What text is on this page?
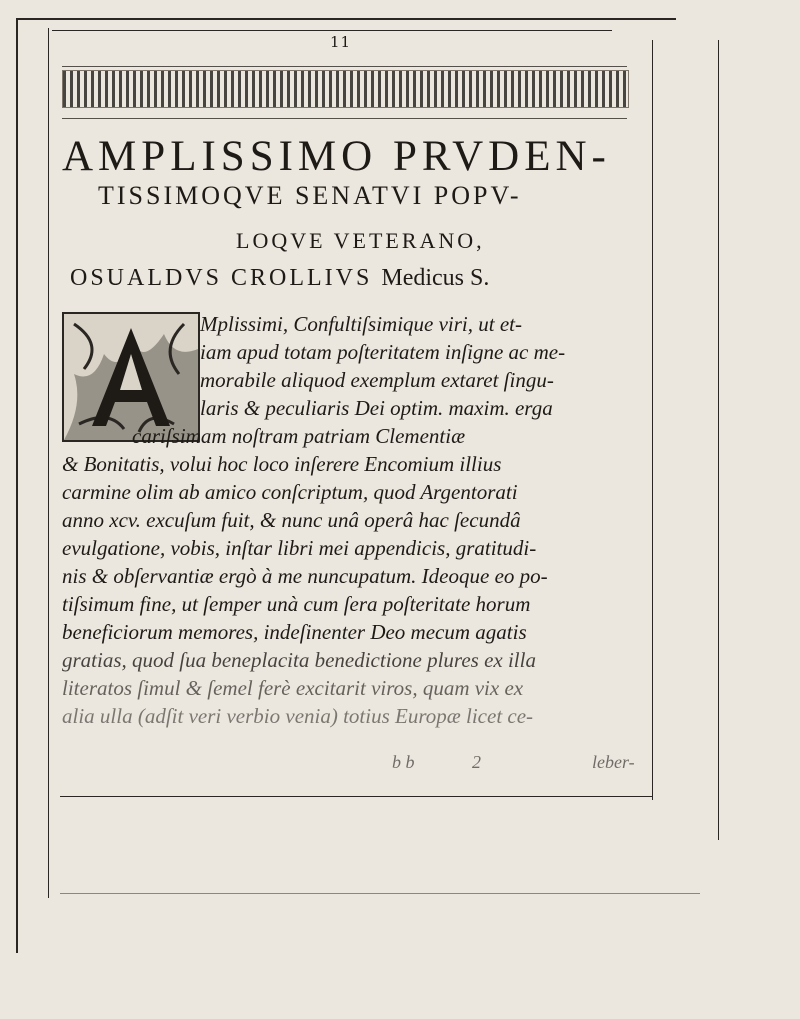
11
AMPLISSIMO PRVDEN-
TISSIMOQVE SENATVI POPV-
LOQVE VETERANO,
OSUALDVS CROLLIVS Medicus S.
Mplissimi, Confultiſsimique viri, ut et-
iam apud totam poſteritatem inſigne ac me-
morabile aliquod exemplum extaret ſingu-
laris & peculiaris Dei optim. maxim. erga
cariſsimam noſtram patriam Clementiæ
& Bonitatis, volui hoc loco inſerere Encomium illius
carmine olim ab amico conſcriptum, quod Argentorati
anno xcv. excuſum fuit, & nunc unâ operâ hac ſecundâ
evulgatione, vobis, inſtar libri mei appendicis, gratitudi-
nis & obſervantiæ ergò à me nuncupatum. Ideoque eo po-
tiſsimum fine, ut ſemper unà cum ſera poſteritate horum
beneficiorum memores, indeſinenter Deo mecum agatis
gratias, quod ſua beneplacita benedictione plures ex illa
literatos ſimul & ſemel ferè excitarit viros, quam vix ex
alia ulla (adſit verі verbio venia) totius Europæ licet ce-
b b	2	leber-
